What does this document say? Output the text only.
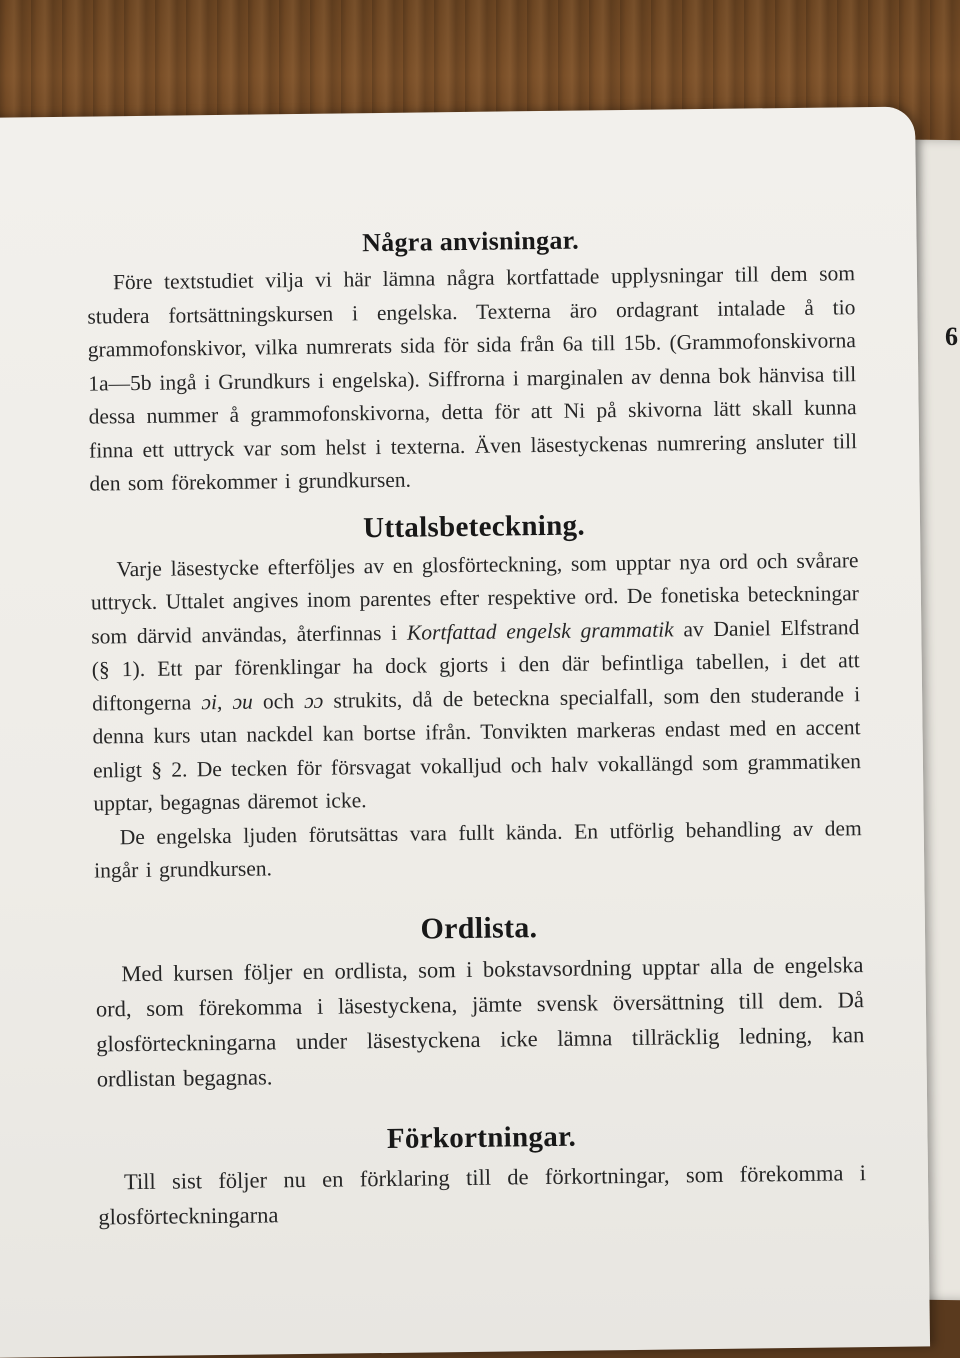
6
Några anvisningar.

Före textstudiet vilja vi här lämna några kortfattade upplysningar till dem som studera fortsättningskursen i engelska. Texterna äro ordagrant intalade å tio grammofonskivor, vilka numrerats sida för sida från 6a till 15b. (Grammofonskivorna 1a—5b ingå i Grundkurs i engelska). Siffrorna i marginalen av denna bok hänvisa till dessa nummer å grammofonskivorna, detta för att Ni på skivorna lätt skall kunna finna ett uttryck var som helst i texterna. Även läsestyckenas numrering ansluter till den som förekommer i grundkursen.

Uttalsbeteckning.

Varje läsestycke efterföljes av en glosförteckning, som upptar nya ord och svårare uttryck. Uttalet angives inom parentes efter respektive ord. De fonetiska beteckningar som därvid användas, återfinnas i Kortfattad engelsk grammatik av Daniel Elfstrand (§ 1). Ett par förenklingar ha dock gjorts i den där befintliga tabellen, i det att diftongerna ɔi, ɔu och ɔɔ strukits, då de beteckna specialfall, som den studerande i denna kurs utan nackdel kan bortse ifrån. Tonvikten markeras endast med en accent enligt § 2. De tecken för försvagat vokalljud och halv vokallängd som grammatiken upptar, begagnas däremot icke.

De engelska ljuden förutsättas vara fullt kända. En utförlig behandling av dem ingår i grundkursen.

Ordlista.

Med kursen följer en ordlista, som i bokstavsordning upptar alla de engelska ord, som förekomma i läsestyckena, jämte svensk översättning till dem. Då glosförteckningarna under läsestyckena icke lämna tillräcklig ledning, kan ordlistan begagnas.

Förkortningar.

Till sist följer nu en förklaring till de förkortningar, som förekomma i glosförteckningarna
